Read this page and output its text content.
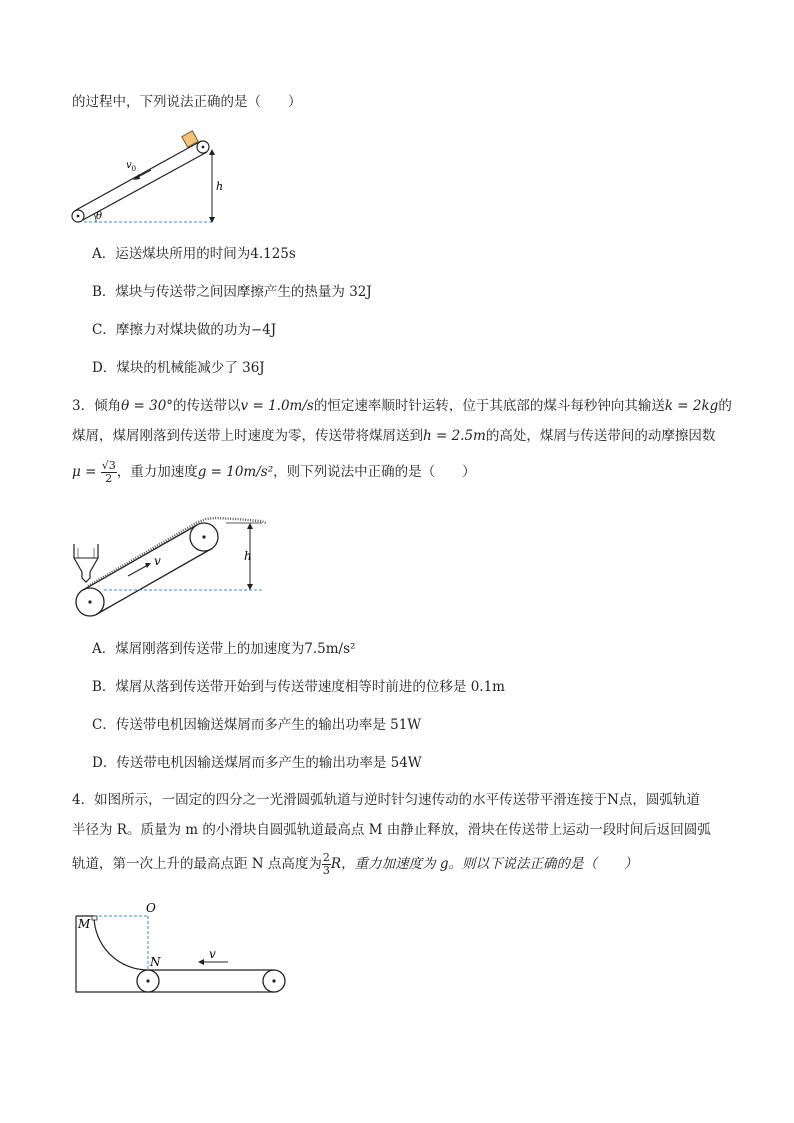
的过程中，下列说法正确的是（　　）
h
$v_0$
θ
A．运送煤块所用的时间为4.125s
B．煤块与传送带之间因摩擦产生的热量为 32J
C．摩擦力对煤块做的功为−4J
D．煤块的机械能减少了 36J
3．倾角θ = 30°的传送带以v = 1.0m/s的恒定速率顺时针运转，位于其底部的煤斗每秒钟向其输送k = 2kg的
煤屑，煤屑刚落到传送带上时速度为零，传送带将煤屑送到h = 2.5m的高处，煤屑与传送带间的动摩擦因数
$\mu = \frac{√3}{2}$ ，重力加速度g = 10m/s²，则下列说法中正确的是（　　）
h
v
A．煤屑刚落到传送带上的加速度为7.5m/s²
B．煤屑从落到传送带开始到与传送带速度相等时前进的位移是 0.1m
C．传送带电机因输送煤屑而多产生的输出功率是 51W
D．传送带电机因输送煤屑而多产生的输出功率是 54W
4．如图所示，一固定的四分之一光滑圆弧轨道与逆时针匀速传动的水平传送带平滑连接于N点，圆弧轨道
半径为 R。质量为 m 的小滑块自圆弧轨道最高点 M 由静止释放，滑块在传送带上运动一段时间后返回圆弧
轨道，第一次上升的最高点距 N 点高度为 $\frac{2}{3}$ R，重力加速度为 g。则以下说法正确的是（　　）
M
O
N
v
